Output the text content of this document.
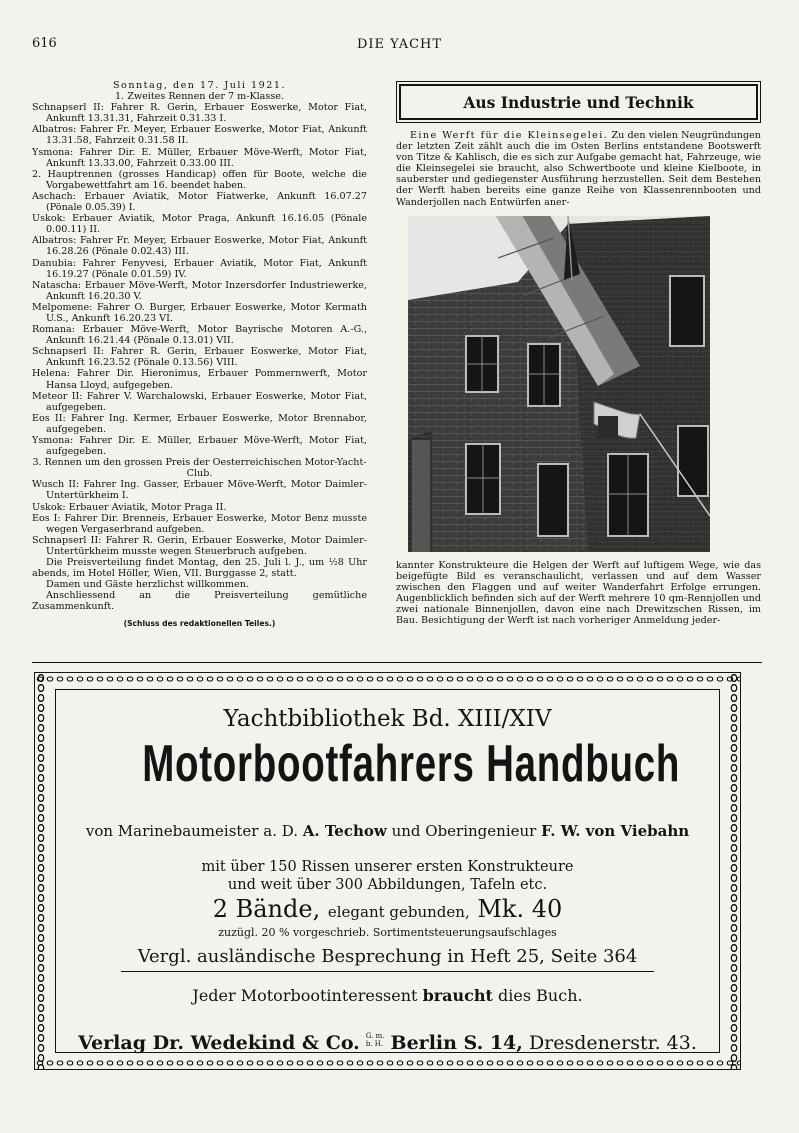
616	DIE YACHT

Sonntag, den 17. Juli 1921.

1. Zweites Rennen der 7 m-Klasse.

Schnapserl II: Fahrer R. Gerin, Erbauer Eoswerke, Motor Fiat, Ankunft 13.31.31, Fahrzeit 0.31.33 I.

Albatros: Fahrer Fr. Meyer, Erbauer Eoswerke, Motor Fiat, Ankunft 13.31.58, Fahrzeit 0.31.58 II.

Ysmona: Fahrer Dir. E. Müller, Erbauer Möve-Werft, Motor Fiat, Ankunft 13.33.00, Fahrzeit 0.33.00 III.

2. Hauptrennen (grosses Handicap) offen für Boote, welche die Vorgabewettfahrt am 16. beendet haben.

Aschach: Erbauer Aviatik, Motor Fiatwerke, Ankunft 16.07.27 (Pönale 0.05.39) I.

Uskok: Erbauer Aviatik, Motor Praga, Ankunft 16.16.05 (Pönale 0.00.11) II.

Albatros: Fahrer Fr. Meyer, Erbauer Eoswerke, Motor Fiat, Ankunft 16.28.26 (Pönale 0.02.43) III.

Danubia: Fahrer Fenyvesi, Erbauer Aviatik, Motor Fiat, Ankunft 16.19.27 (Pönale 0.01.59) IV.

Natascha: Erbauer Möve-Werft, Motor Inzersdorfer Industriewerke, Ankunft 16.20.30 V.

Melpomene: Fahrer O. Burger, Erbauer Eoswerke, Motor Kermath U.S., Ankunft 16.20.23 VI.

Romana: Erbauer Möve-Werft, Motor Bayrische Motoren A.-G., Ankunft 16.21.44 (Pönale 0.13.01) VII.

Schnapserl II: Fahrer R. Gerin, Erbauer Eoswerke, Motor Fiat, Ankunft 16.23.52 (Pönale 0.13.56) VIII.

Helena: Fahrer Dir. Hieronimus, Erbauer Pommernwerft, Motor Hansa Lloyd, aufgegeben.

Meteor II: Fahrer V. Warchalowski, Erbauer Eoswerke, Motor Fiat, aufgegeben.

Eos II: Fahrer Ing. Kermer, Erbauer Eoswerke, Motor Brennabor, aufgegeben.

Ysmona: Fahrer Dir. E. Müller, Erbauer Möve-Werft, Motor Fiat, aufgegeben.

3. Rennen um den grossen Preis der Oesterreichischen Motor-Yacht-Club.

Wusch II: Fahrer Ing. Gasser, Erbauer Möve-Werft, Motor Daimler-Untertürkheim I.

Uskok: Erbauer Aviatik, Motor Praga II.

Eos I: Fahrer Dir. Brenneis, Erbauer Eoswerke, Motor Benz musste wegen Vergaserbrand aufgeben.

Schnapserl II: Fahrer R. Gerin, Erbauer Eoswerke, Motor Daimler-Untertürkheim musste wegen Steuerbruch aufgeben.

Die Preisverteilung findet Montag, den 25. Juli l. J., um ½8 Uhr abends, im Hotel Höller, Wien, VII. Burggasse 2, statt.

Damen und Gäste herzlichst willkommen.

Anschliessend an die Preisverteilung gemütliche Zusammenkunft.

(Schluss des redaktionellen Teiles.)

Aus Industrie und Technik

Eine Werft für die Kleinsegelei. Zu den vielen Neugründungen der letzten Zeit zählt auch die im Osten Berlins entstandene Bootswerft von Titze & Kahlisch, die es sich zur Aufgabe gemacht hat, Fahrzeuge, wie die Kleinsegelei sie braucht, also Schwertboote und kleine Kielboote, in sauberster und gediegenster Ausführung herzustellen. Seit dem Bestehen der Werft haben bereits eine ganze Reihe von Klassenrennbooten und Wanderjollen nach Entwürfen aner-

kannter Konstrukteure die Helgen der Werft auf luftigem Wege, wie das beigefügte Bild es veranschaulicht, verlassen und auf dem Wasser zwischen den Flaggen und auf weiter Wanderfahrt Erfolge errungen. Augenblicklich befinden sich auf der Werft mehrere 10 qm-Rennjollen und zwei nationale Binnenjollen, davon eine nach Drewitzschen Rissen, im Bau. Besichtigung der Werft ist nach vorheriger Anmeldung jeder-

Yachtbibliothek Bd. XIII/XIV
Motorbootfahrers Handbuch
von Marinebaumeister a. D. A. Techow und Oberingenieur F. W. von Viebahn
mit über 150 Rissen unserer ersten Konstrukteure
und weit über 300 Abbildungen, Tafeln etc.
2 Bände, elegant gebunden, Mk. 40
zuzügl. 20 % vorgeschrieb. Sortimentsteuerungsaufschlages
Vergl. ausländische Besprechung in Heft 25, Seite 364
Jeder Motorbootinteressent braucht dies Buch.
Verlag Dr. Wedekind & Co. G. m.
b. H. Berlin S. 14, Dresdenerstr. 43.
